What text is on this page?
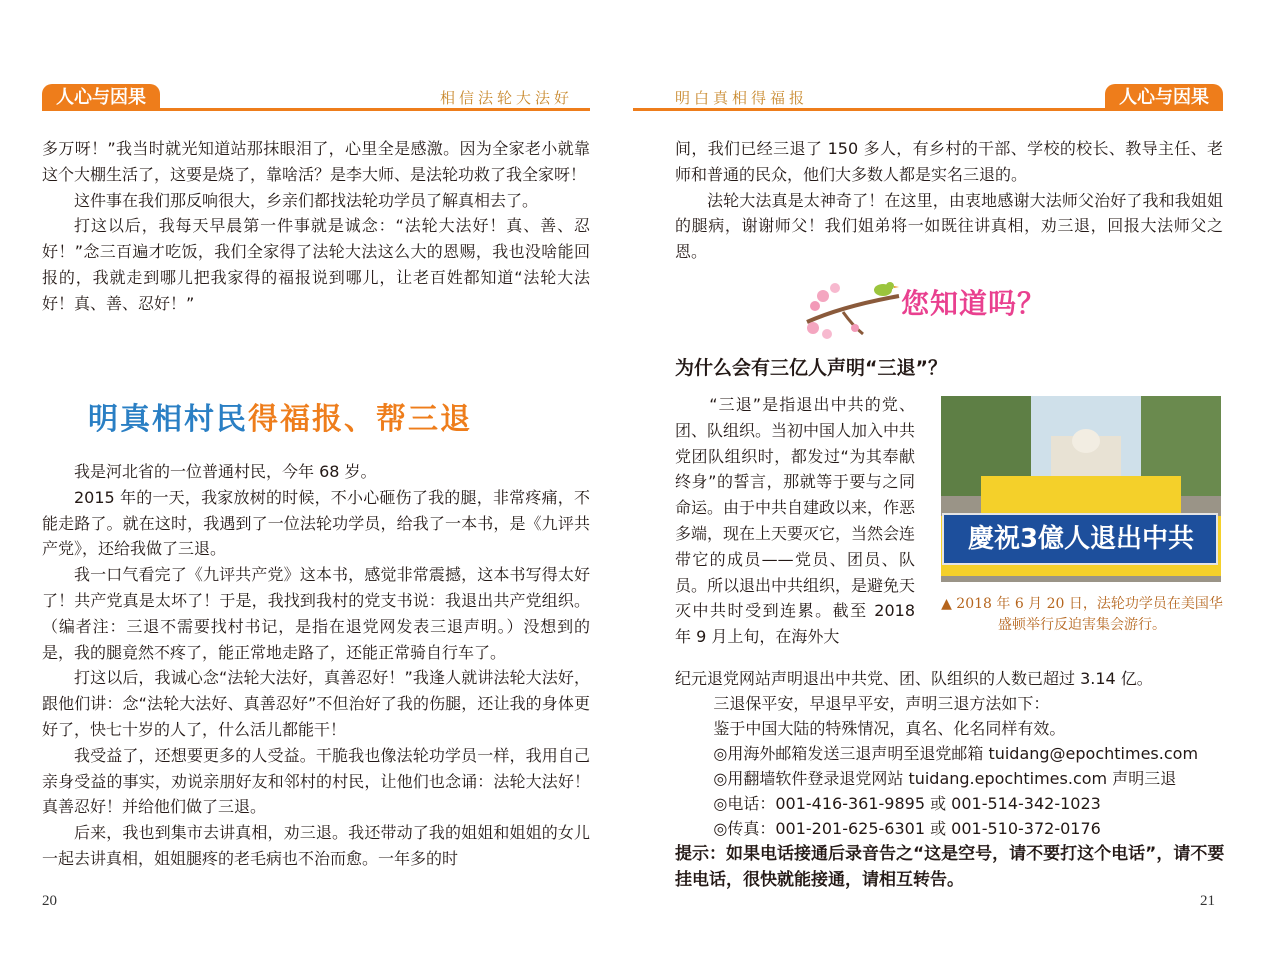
人心与因果	相信法轮大法好

多万呀！”我当时就光知道站那抹眼泪了，心里全是感激。因为全家老小就靠这个大棚生活了，这要是烧了，靠啥活？是李大师、是法轮功救了我全家呀！

这件事在我们那反响很大，乡亲们都找法轮功学员了解真相去了。

打这以后，我每天早晨第一件事就是诚念：“法轮大法好！真、善、忍好！”念三百遍才吃饭，我们全家得了法轮大法这么大的恩赐，我也没啥能回报的，我就走到哪儿把我家得的福报说到哪儿，让老百姓都知道“法轮大法好！真、善、忍好！”

明真相村民得福报、帮三退

我是河北省的一位普通村民，今年 68 岁。

2015 年的一天，我家放树的时候，不小心砸伤了我的腿，非常疼痛，不能走路了。就在这时，我遇到了一位法轮功学员，给我了一本书，是《九评共产党》，还给我做了三退。

我一口气看完了《九评共产党》这本书，感觉非常震撼，这本书写得太好了！共产党真是太坏了！于是，我找到我村的党支书说：我退出共产党组织。（编者注：三退不需要找村书记，是指在退党网发表三退声明。）没想到的是，我的腿竟然不疼了，能正常地走路了，还能正常骑自行车了。

打这以后，我诚心念“法轮大法好，真善忍好！”我逢人就讲法轮大法好，跟他们讲：念“法轮大法好、真善忍好”不但治好了我的伤腿，还让我的身体更好了，快七十岁的人了，什么活儿都能干！

我受益了，还想要更多的人受益。干脆我也像法轮功学员一样，我用自己亲身受益的事实，劝说亲朋好友和邻村的村民，让他们也念诵：法轮大法好！真善忍好！并给他们做了三退。

后来，我也到集市去讲真相，劝三退。我还带动了我的姐姐和姐姐的女儿一起去讲真相，姐姐腿疼的老毛病也不治而愈。一年多的时

20
明白真相得福报	人心与因果

间，我们已经三退了 150 多人，有乡村的干部、学校的校长、教导主任、老师和普通的民众，他们大多数人都是实名三退的。

法轮大法真是太神奇了！在这里，由衷地感谢大法师父治好了我和我姐姐的腿病，谢谢师父！我们姐弟将一如既往讲真相，劝三退，回报大法师父之恩。

您知道吗？
为什么会有三亿人声明“三退”？

　　“三退”是指退出中共的党、团、队组织。当初中国人加入中共党团队组织时，都发过“为其奉献终身”的誓言，那就等于要与之同命运。由于中共自建政以来，作恶多端，现在上天要灭它，当然会连带它的成员——党员、团员、队员。所以退出中共组织，是避免天灭中共时受到连累。截至 2018 年 9 月上旬，在海外大

慶祝3億人退出中共
▲ 2018 年 6 月 20 日，法轮功学员在美国华盛顿举行反迫害集会游行。

纪元退党网站声明退出中共党、团、队组织的人数已超过 3.14 亿。

三退保平安，早退早平安，声明三退方法如下：

鉴于中国大陆的特殊情况，真名、化名同样有效。

◎用海外邮箱发送三退声明至退党邮箱 tuidang@epochtimes.com

◎用翻墙软件登录退党网站 tuidang.epochtimes.com 声明三退

◎电话：001-416-361-9895 或 001-514-342-1023

◎传真：001-201-625-6301 或 001-510-372-0176

提示：如果电话接通后录音告之“这是空号，请不要打这个电话”，请不要挂电话，很快就能接通，请相互转告。
21
